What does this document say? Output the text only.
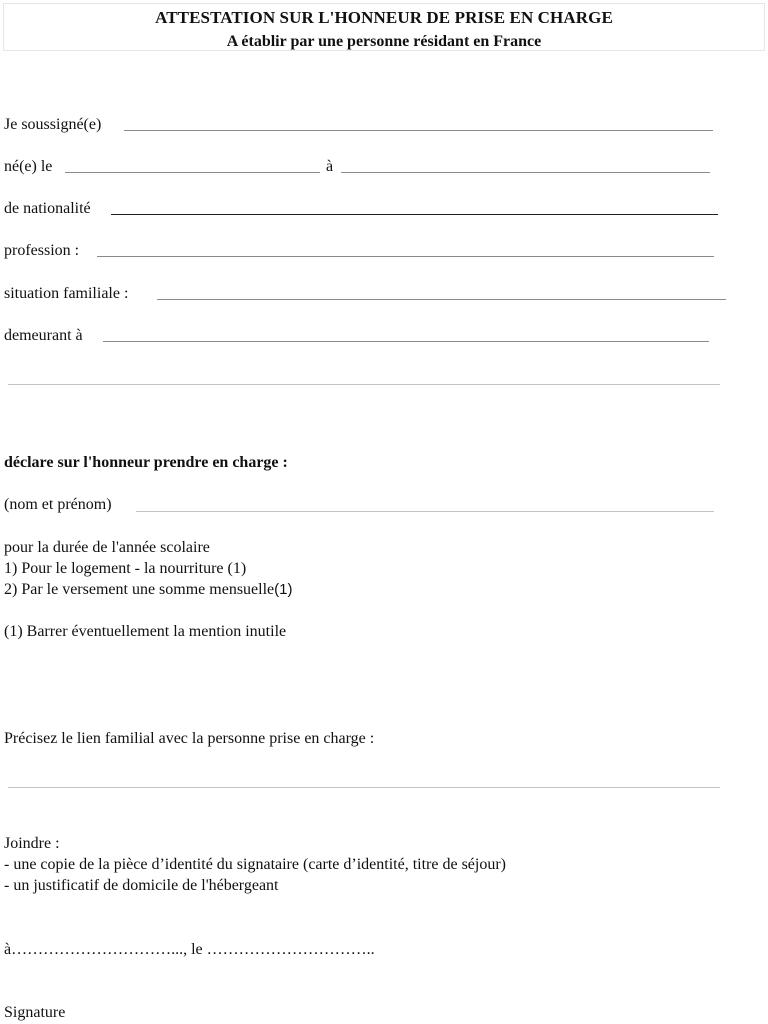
ATTESTATION SUR L'HONNEUR DE PRISE EN CHARGE
A établir par une personne résidant en France
Je soussigné(e)
né(e) le	à
de nationalité
profession :
situation familiale :
demeurant à
déclare sur l'honneur prendre en charge :
(nom et prénom)
pour la durée de l'année scolaire
1) Pour le logement - la nourriture (1)
2) Par le versement une somme mensuelle(1)
(1) Barrer éventuellement la mention inutile
Précisez le lien familial avec la personne prise en charge :
Joindre :
- une copie de la pièce d’identité du signataire (carte d’identité, titre de séjour)
- un justificatif de domicile de l'hébergeant
à…………………………..., le …………………………..
Signature
